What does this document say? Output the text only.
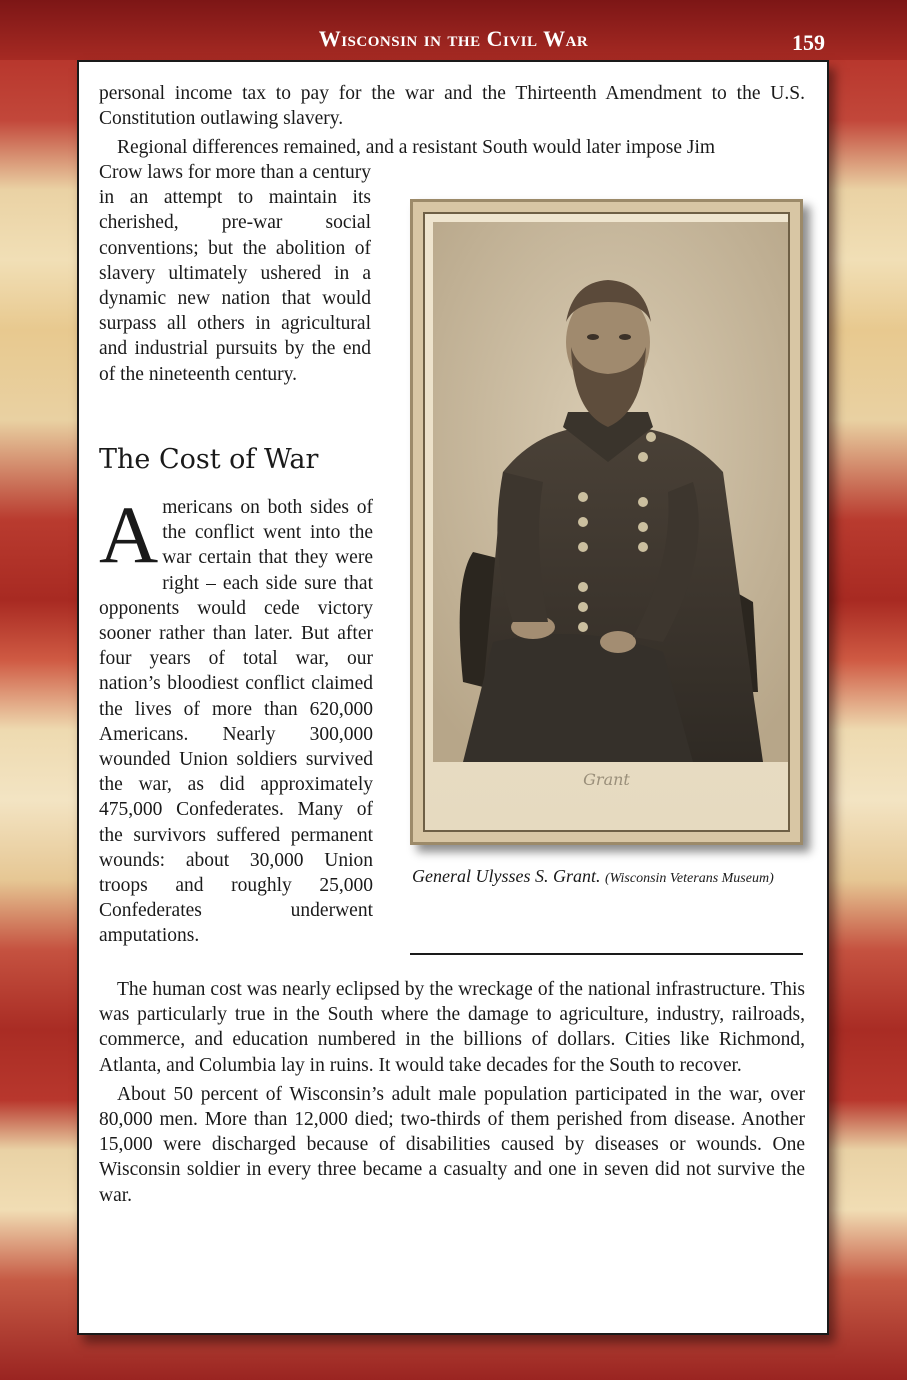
Wisconsin in the Civil War	159

personal income tax to pay for the war and the Thirteenth Amendment to the U.S. Constitution outlawing slavery.

Regional differences remained, and a resistant South would later impose Jim

Crow laws for more than a century in an attempt to maintain its cherished, pre-war social conventions; but the abolition of slavery ultimately ushered in a dynamic new nation that would surpass all others in agricultural and industrial pursuits by the end of the nineteenth century.

The Cost of War

Americans on both sides of the conflict went into the war certain that they were right – each side sure that opponents would cede victory sooner rather than later. But after four years of total war, our nation’s bloodiest conflict claimed the lives of more than 620,000 Americans. Nearly 300,000 wounded Union soldiers survived the war, as did approximately 475,000 Confederates. Many of the survivors suffered permanent wounds: about 30,000 Union troops and roughly 25,000 Confederates underwent amputations.

Grant
General Ulysses S. Grant. (Wisconsin Veterans Museum)

The human cost was nearly eclipsed by the wreckage of the national infrastructure. This was particularly true in the South where the damage to agriculture, industry, railroads, commerce, and education numbered in the billions of dollars. Cities like Richmond, Atlanta, and Columbia lay in ruins. It would take decades for the South to recover.

About 50 percent of Wisconsin’s adult male population participated in the war, over 80,000 men. More than 12,000 died; two-thirds of them perished from disease. Another 15,000 were discharged because of disabilities caused by diseases or wounds. One Wisconsin soldier in every three became a casualty and one in seven did not survive the war.
